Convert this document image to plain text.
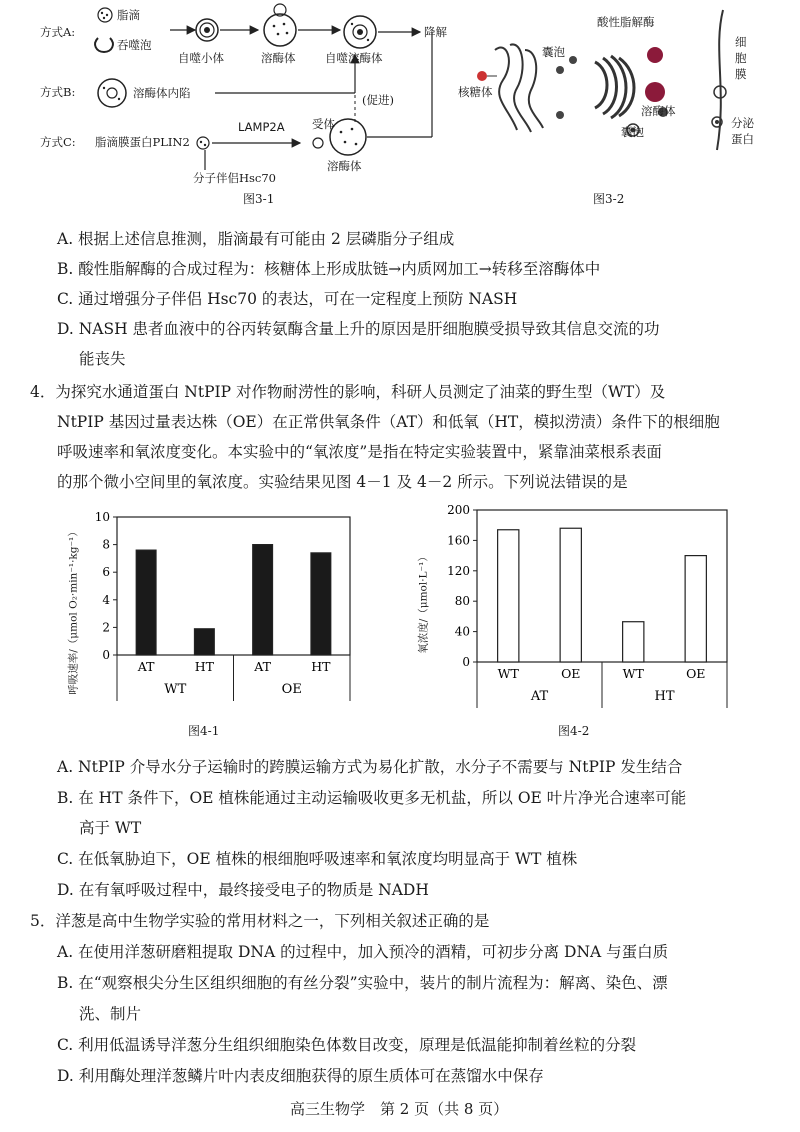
方式A:
脂滴
吞噬泡
自噬小体	溶酶体	自噬溶酶体
降解
方式B:	溶酶体内陷	(促进)
方式C: 脂滴膜蛋白PLIN2
LAMP2A 受体
分子伴侣Hsc70
溶酶体
图3-1
酸性脂解酶
囊泡
核糖体
细胞膜
溶酶体
囊泡
分泌蛋白
图3-2
A. 根据上述信息推测，脂滴最有可能由 2 层磷脂分子组成
B. 酸性脂解酶的合成过程为：核糖体上形成肽链→内质网加工→转移至溶酶体中
C. 通过增强分子伴侣 Hsc70 的表达，可在一定程度上预防 NASH
D. NASH 患者血液中的谷丙转氨酶含量上升的原因是肝细胞膜受损导致其信息交流的功
能丧失
4．为探究水通道蛋白 NtPIP 对作物耐涝性的影响，科研人员测定了油菜的野生型（WT）及
NtPIP 基因过量表达株（OE）在正常供氧条件（AT）和低氧（HT，模拟涝渍）条件下的根细胞
呼吸速率和氧浓度变化。本实验中的“氧浓度”是指在特定实验装置中，紧靠油菜根系表面
的那个微小空间里的氧浓度。实验结果见图 4－1 及 4－2 所示。下列说法错误的是
0
2
4
6
8
10
AT	HT	AT	HT
WT	OE
呼吸速率/（μmol O₂·min⁻¹·kg⁻¹）
图4-1
0
40
80
120
160
200
WT	OE	WT	OE
AT	HT
氧浓度/（μmol·L⁻¹）
图4-2
A. NtPIP 介导水分子运输时的跨膜运输方式为易化扩散，水分子不需要与 NtPIP 发生结合
B. 在 HT 条件下，OE 植株能通过主动运输吸收更多无机盐，所以 OE 叶片净光合速率可能
高于 WT
C. 在低氧胁迫下，OE 植株的根细胞呼吸速率和氧浓度均明显高于 WT 植株
D. 在有氧呼吸过程中，最终接受电子的物质是 NADH
5．洋葱是高中生物学实验的常用材料之一，下列相关叙述正确的是
A. 在使用洋葱研磨粗提取 DNA 的过程中，加入预冷的酒精，可初步分离 DNA 与蛋白质
B. 在“观察根尖分生区组织细胞的有丝分裂”实验中，装片的制片流程为：解离、染色、漂
洗、制片
C. 利用低温诱导洋葱分生组织细胞染色体数目改变，原理是低温能抑制着丝粒的分裂
D. 利用酶处理洋葱鳞片叶内表皮细胞获得的原生质体可在蒸馏水中保存
高三生物学　第 2 页（共 8 页）
